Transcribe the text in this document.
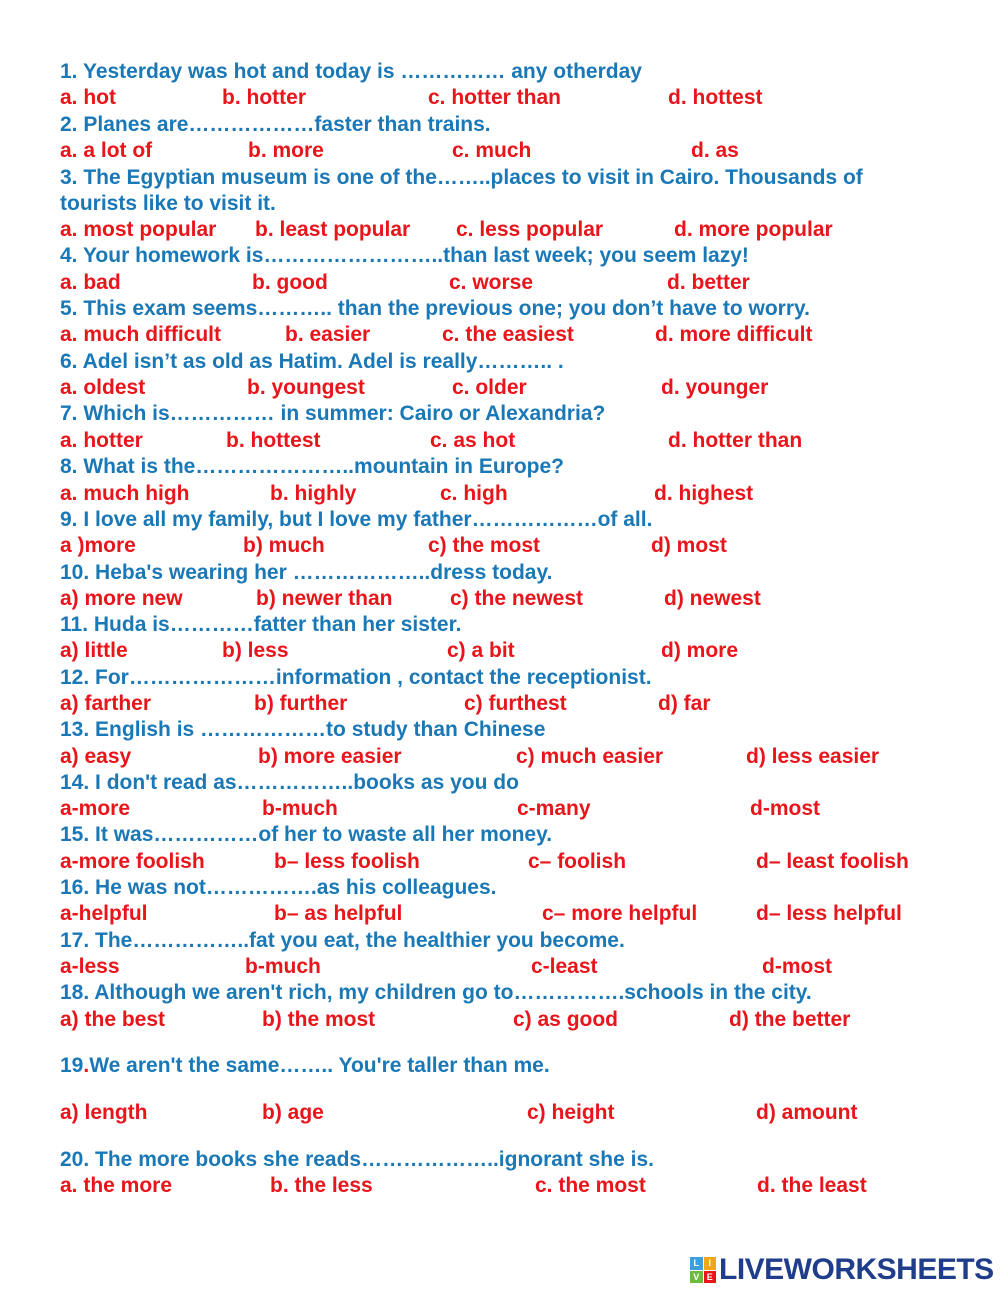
1. Yesterday was hot and today is …………… any otherday
a. hot	b. hotter	c. hotter than	d. hottest
2. Planes are………………faster than trains.
a. a lot of	b. more	c. much	d. as
3. The Egyptian museum is one of the……..places to visit in Cairo. Thousands of
tourists like to visit it.
a. most popular b. least popular c. less popular	d. more popular
4. Your homework is……………………..than last week; you seem lazy!
a. bad	b. good	c. worse	d. better
5. This exam seems……….. than the previous one; you don’t have to worry.
a. much difficult	b. easier	c. the easiest	d. more difficult
6. Adel isn’t as old as Hatim. Adel is really……….. .
a. oldest	b. youngest	c. older	d. younger
7. Which is…………… in summer: Cairo or Alexandria?
a. hotter	b. hottest	c. as hot	d. hotter than
8. What is the…………………..mountain in Europe?
a. much high	b. highly	c. high	d. highest
9. I love all my family, but I love my father………………of all.
a )more	b) much	c) the most	d) most
10. Heba's wearing her ………………..dress today.
a) more new	b) newer than	c) the newest	d) newest
11. Huda is…………fatter than her sister.
a) little	b) less	c) a bit	d) more
12. For…………………information , contact the receptionist.
a) farther	b) further	c) furthest	d) far
13. English is ………………to study than Chinese
a) easy	b) more easier	c) much easier	d) less easier
14. I don't read as……………..books as you do
a-more	b-much	c-many	d-most
15. It was……………of her to waste all her money.
a-more foolish	b– less foolish	c– foolish	d– least foolish
16. He was not…………….as his colleagues.
a-helpful	b– as helpful	c– more helpful	d– less helpful
17. The……………..fat you eat, the healthier you become.
a-less	b-much	c-least	d-most
18. Although we aren't rich, my children go to…………….schools in the city.
a) the best	b) the most	c) as good	d) the better
19.We aren't the same…….. You're taller than me.
a) length	b) age	c) height	d) amount
20. The more books she reads………………..ignorant she is.
a. the more	b. the less	c. the most	d. the least
L	I
V E LIVEWORKSHEETS
